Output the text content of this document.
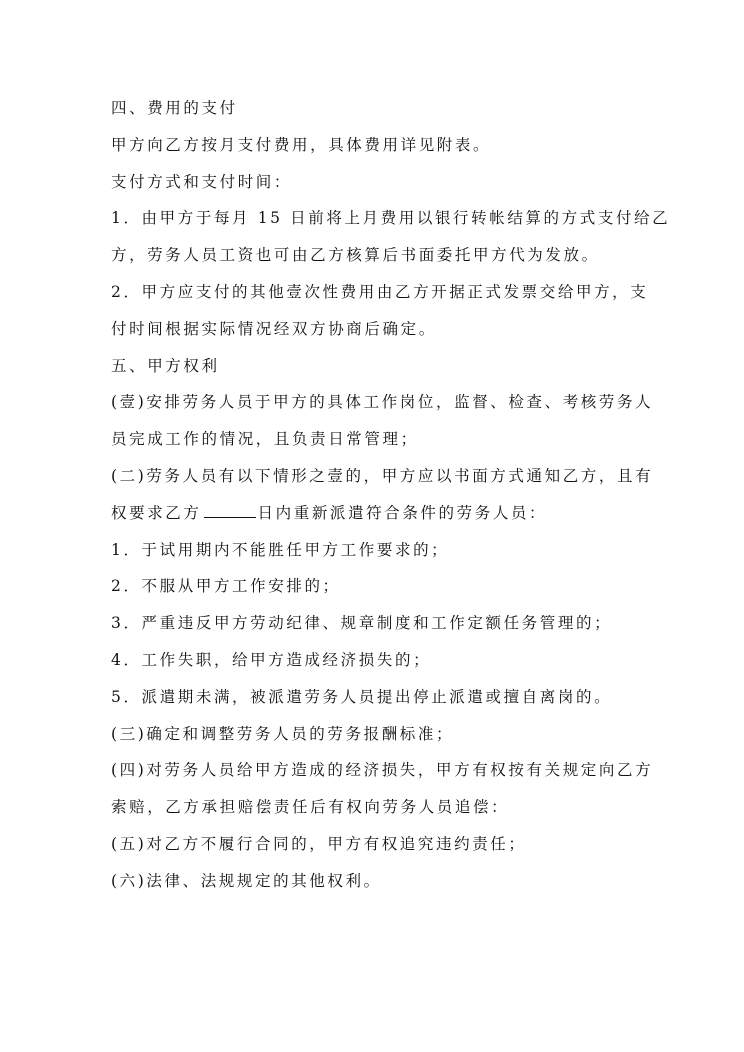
四、费用的支付
甲方向乙方按月支付费用，具体费用详见附表。
支付方式和支付时间：
1．由甲方于每月 15 日前将上月费用以银行转帐结算的方式支付给乙
方，劳务人员工资也可由乙方核算后书面委托甲方代为发放。
2．甲方应支付的其他壹次性费用由乙方开据正式发票交给甲方，支
付时间根据实际情况经双方协商后确定。
五、甲方权利
(壹)安排劳务人员于甲方的具体工作岗位，监督、检查、考核劳务人
员完成工作的情况，且负责日常管理；
(二)劳务人员有以下情形之壹的，甲方应以书面方式通知乙方，且有
权要求乙方	日内重新派遣符合条件的劳务人员：
1．于试用期内不能胜任甲方工作要求的；
2．不服从甲方工作安排的；
3．严重违反甲方劳动纪律、规章制度和工作定额任务管理的；
4．工作失职，给甲方造成经济损失的；
5．派遣期未满，被派遣劳务人员提出停止派遣或擅自离岗的。
(三)确定和调整劳务人员的劳务报酬标准；
(四)对劳务人员给甲方造成的经济损失，甲方有权按有关规定向乙方
索赔，乙方承担赔偿责任后有权向劳务人员追偿：
(五)对乙方不履行合同的，甲方有权追究违约责任；
(六)法律、法规规定的其他权利。
